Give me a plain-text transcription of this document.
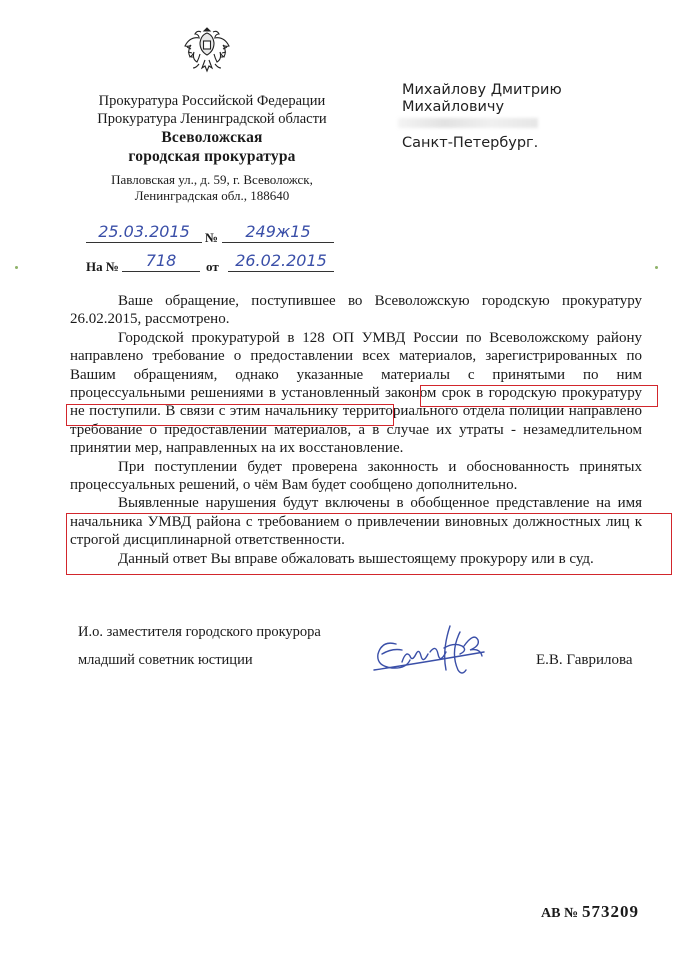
Прокуратура Российской Федерации
Прокуратура Ленинградской области
Всеволожская
городская прокуратура
Павловская ул., д. 59, г. Всеволожск,
Ленинградская обл., 188640
Михайлову Дмитрию
Михайловичу
Санкт-Петербург.
25.03.2015	№	249ж15
На №	718	от	26.02.2015

Ваше обращение, поступившее во Всеволожскую городскую прокуратуру 26.02.2015, рассмотрено.

Городской прокуратурой в 128 ОП УМВД России по Всеволожскому району направлено требование о предоставлении всех материалов, зарегистрированных по Вашим обращениям, однако указанные материалы с принятыми по ним процессуальными решениями в установленный законом срок в городскую прокуратуру не поступили. В связи с этим начальнику территориального отдела полиции направлено требование о предоставлении материалов, а в случае их утраты - незамедлительном принятии мер, направленных на их восстановление.

При поступлении будет проверена законность и обоснованность принятых процессуальных решений, о чём Вам будет сообщено дополнительно.

Выявленные нарушения будут включены в обобщенное представление на имя начальника УМВД района с требованием о привлечении виновных должностных лиц к строгой дисциплинарной ответственности.

Данный ответ Вы вправе обжаловать вышестоящему прокурору или в суд.

И.о. заместителя городского прокурора
младший советник юстиции	Е.В. Гаврилова
АВ № 573209
